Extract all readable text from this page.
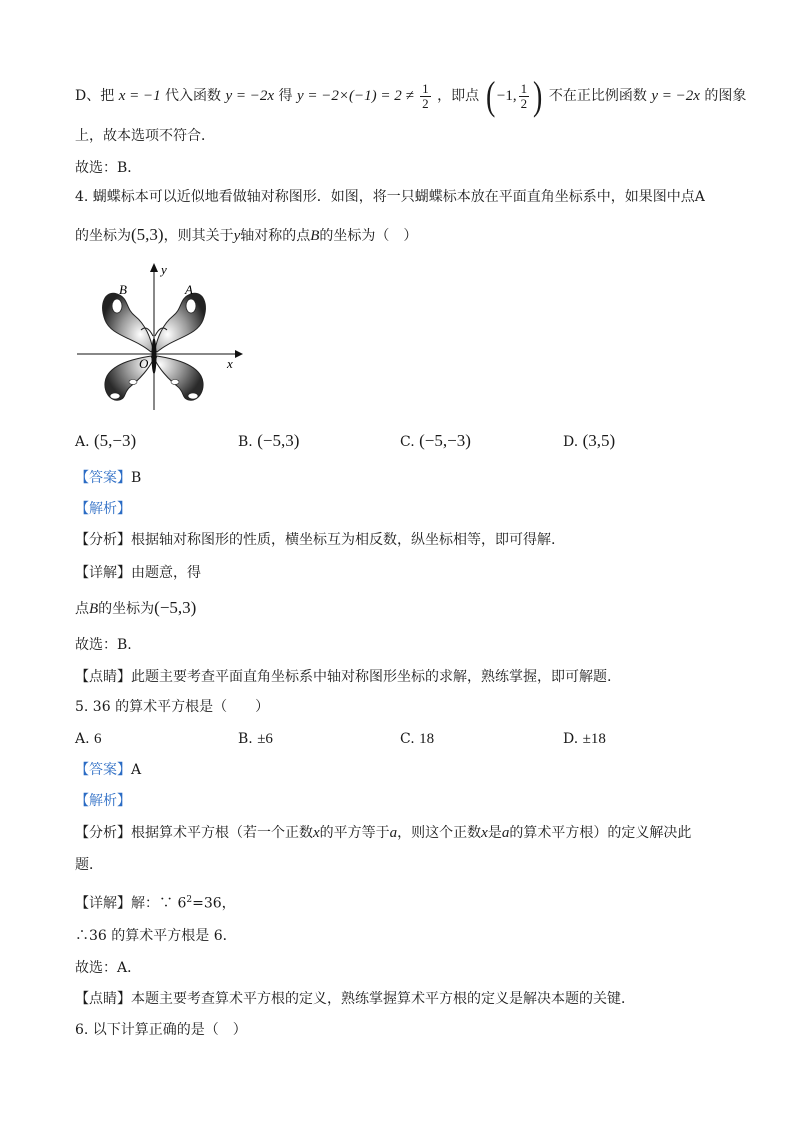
D、把 x = −1 代入函数 y = −2x 得 $y = -2\times(-1) = 2 \ne \frac{1}{2}$ ，即点 ( −1, $\frac{1}{2}$ ) 不在正比例函数 y = −2x 的图象
上，故本选项不符合．
故选：B．
4. 蝴蝶标本可以近似地看做轴对称图形．如图，将一只蝴蝶标本放在平面直角坐标系中，如果图中点A
的坐标为(5,3)，则其关于y轴对称的点B的坐标为（　）
y
x
O
A
B
A. (5,−3)	B. (−5,3)	C. (−5,−3)	D. (3,5)
【答案】B
【解析】
【分析】根据轴对称图形的性质，横坐标互为相反数，纵坐标相等，即可得解.
【详解】由题意，得
点B的坐标为(−5,3)
故选：B.
【点睛】此题主要考查平面直角坐标系中轴对称图形坐标的求解，熟练掌握，即可解题.
5. 36 的算术平方根是（　　）
A. 6	B. ±6	C. 18	D. ±18
【答案】A
【解析】
【分析】根据算术平方根（若一个正数x的平方等于a，则这个正数x是a的算术平方根）的定义解决此
题．
【详解】解：∵ $6^2=36$，
∴36 的算术平方根是 6．
故选：A．
【点睛】本题主要考查算术平方根的定义，熟练掌握算术平方根的定义是解决本题的关键．
6. 以下计算正确的是（　）
